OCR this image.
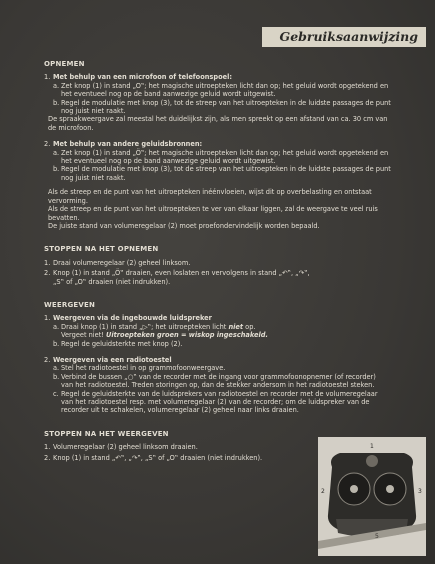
Gebruiksaanwijzing
OPNEMEN
1. Met behulp van een microfoon of telefoonspoel:
a. Zet knop (1) in stand „O‟; het magische uitroepteken licht dan op; het geluid wordt opgetekend en het eventueel nog op de band aanwezige geluid wordt uitgewist.
b. Regel de modulatie met knop (3), tot de streep van het uitroepteken in de luidste passages de punt nog juist niet raakt.
De spraakweergave zal meestal het duidelijkst zijn, als men spreekt op een afstand van ca. 30 cm van de microfoon.
2. Met behulp van andere geluidsbronnen:
a. Zet knop (1) in stand „Ö‟; het magische uitroepteken licht dan op; het geluid wordt opgetekend en het eventueel nog op de band aanwezige geluid wordt uitgewist.
b. Regel de modulatie met knop (3), tot de streep van het uitroepteken in de luidste passages de punt nog juist niet raakt.
Als de streep en de punt van het uitroepteken inéénvloeien, wijst dit op overbelasting en ontstaat vervorming.
Als de streep en de punt van het uitroepteken te ver van elkaar liggen, zal de weergave te veel ruis bevatten.
De juiste stand van volumeregelaar (2) moet proefondervindelijk worden bepaald.
STOPPEN NA HET OPNEMEN
1. Draai volumeregelaar (2) geheel linksom.
2. Knop (1) in stand „Ö‟ draaien, even loslaten en vervolgens in stand „↶‟, „↷‟,
„S‟ of „O‟ draaien (niet indrukken).
WEERGEVEN
1. Weergeven via de ingebouwde luidspreker
a. Draai knop (1) in stand „▷‟; het uitroepteken licht niet op.
Vergeet niet! Uitroepteken groen = wiskop ingeschakeld.
b. Regel de geluidsterkte met knop (2).
2. Weergeven via een radiotoestel
a. Stel het radiotoestel in op grammofoonweergave.
b. Verbind de bussen „○‟ van de recorder met de ingang voor grammofoonopnemer (of recorder) van het radiotoestel. Treden storingen op, dan de stekker andersom in het radiotoestel steken.
c. Regel de geluidsterkte van de luidsprekers van radiotoestel en recorder met de volumeregelaar van het radiotoestel resp. met volumeregelaar (2) van de recorder; om de luidspreker van de recorder uit te schakelen, volumeregelaar (2) geheel naar links draaien.
STOPPEN NA HET WEERGEVEN
1. Volumeregelaar (2) geheel linksom draaien.
2. Knop (1) in stand „↶‟, „↷‟, „S‟ of „O‟ draaien (niet indrukken).
1
2	3
5
